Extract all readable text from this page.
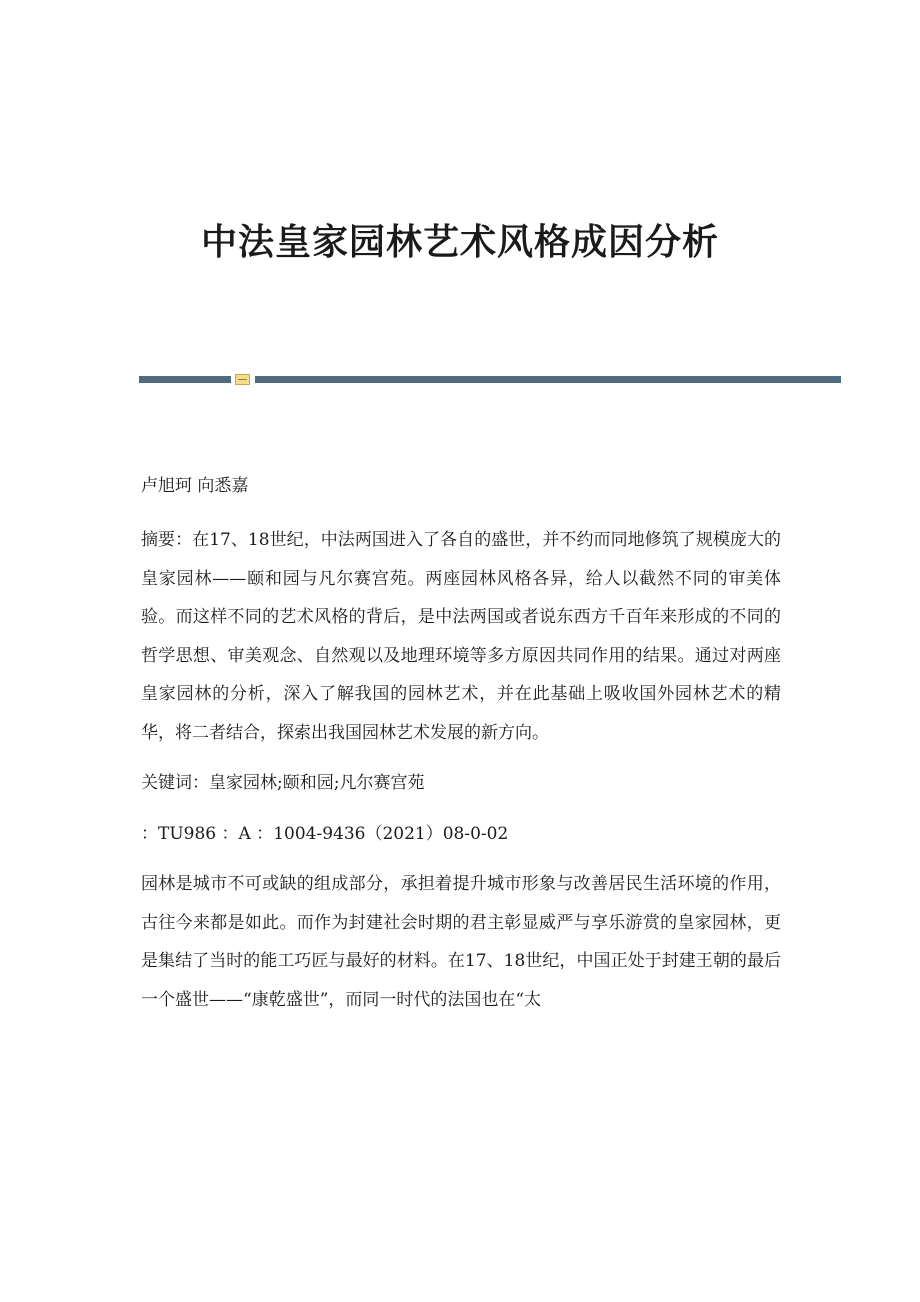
中法皇家园林艺术风格成因分析
卢旭珂 向悉嘉

摘要：在17、18世纪，中法两国进入了各自的盛世，并不约而同地修筑了规模庞大的皇家园林——颐和园与凡尔赛宫苑。两座园林风格各异，给人以截然不同的审美体验。而这样不同的艺术风格的背后，是中法两国或者说东西方千百年来形成的不同的哲学思想、审美观念、自然观以及地理环境等多方原因共同作用的结果。通过对两座皇家园林的分析，深入了解我国的园林艺术，并在此基础上吸收国外园林艺术的精华，将二者结合，探索出我国园林艺术发展的新方向。

关键词：皇家园林;颐和园;凡尔赛宫苑

：TU986 ：A ：1004-9436（2021）08-0-02

园林是城市不可或缺的组成部分，承担着提升城市形象与改善居民生活环境的作用，古往今来都是如此。而作为封建社会时期的君主彰显威严与享乐游赏的皇家园林，更是集结了当时的能工巧匠与最好的材料。在17、18世纪，中国正处于封建王朝的最后一个盛世——“康乾盛世”，而同一时代的法国也在“太
